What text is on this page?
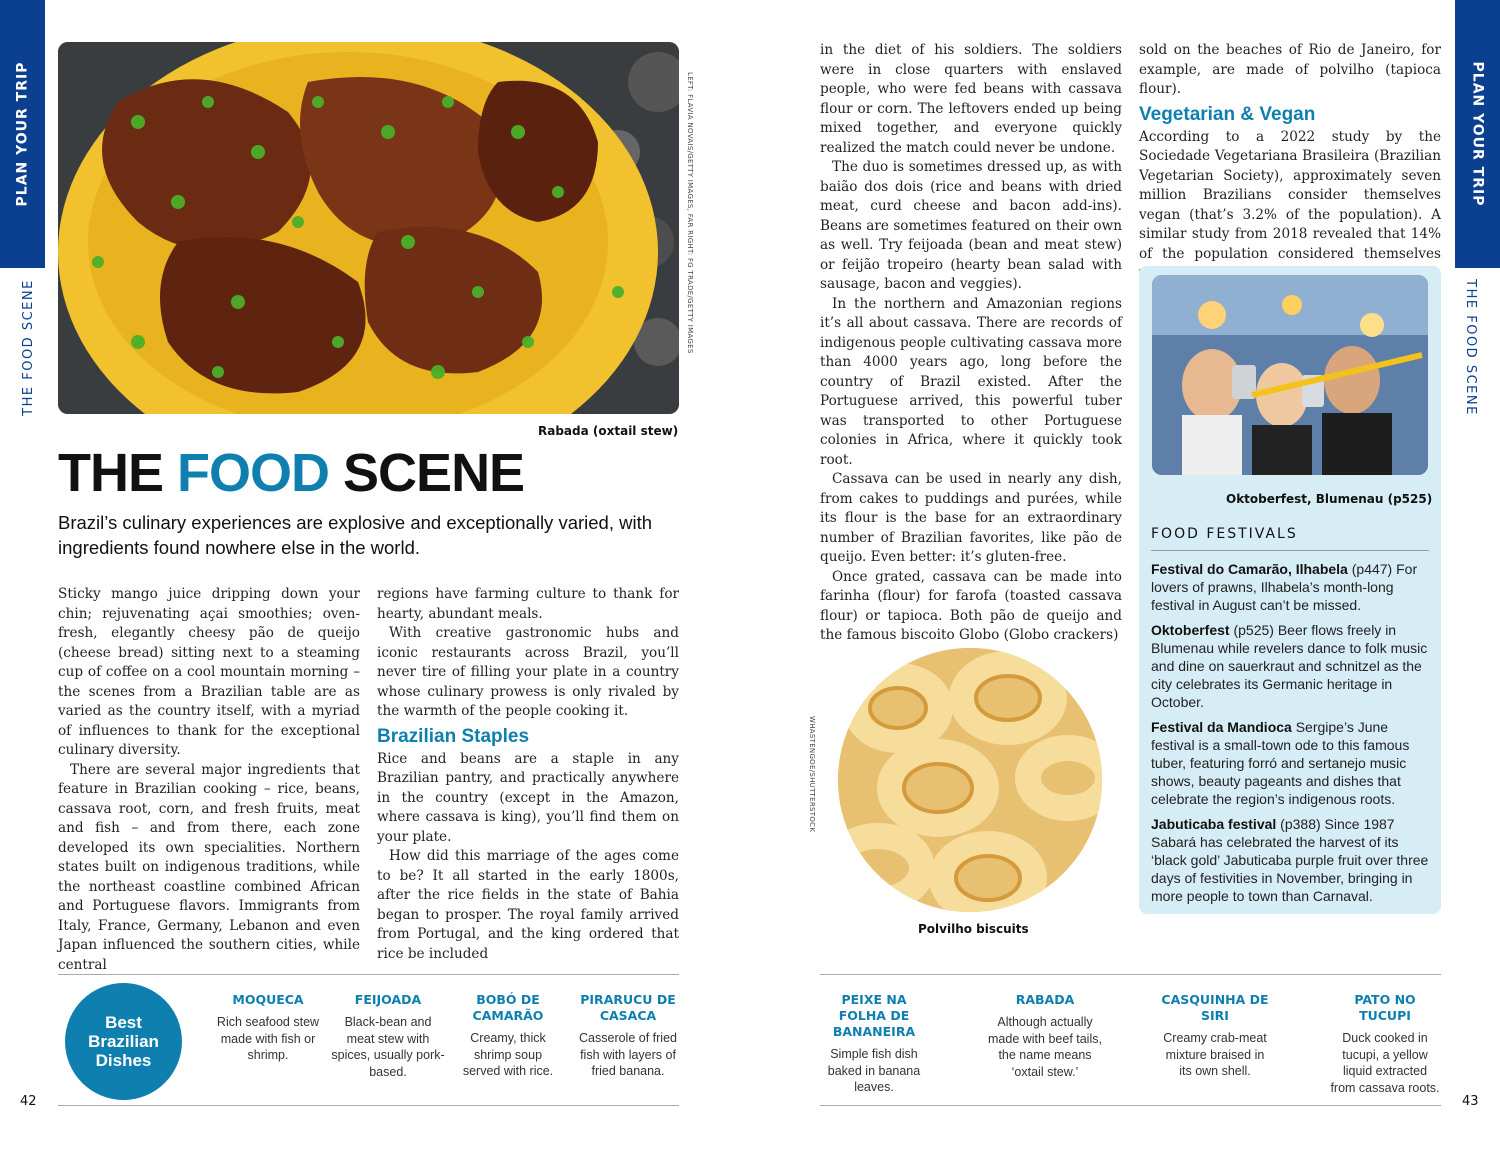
PLAN YOUR TRIP
THE FOOD SCENE	LEFT: FLAVIA NOVAIS/GETTY IMAGES, FAR RIGHT: FG TRADE/GETTY IMAGES
Rabada (oxtail stew)
THE FOOD SCENE
Brazil’s culinary experiences are explosive and exceptionally varied, with ingredients found nowhere else in the world.

Sticky mango juice dripping down your chin; rejuvenating açai smoothies; oven-fresh, elegantly cheesy pão de queijo (cheese bread) sitting next to a steaming cup of coffee on a cool mountain morning – the scenes from a Brazilian table are as varied as the country itself, with a myriad of influences to thank for the exceptional culinary diversity.

There are several major ingredients that feature in Brazilian cooking – rice, beans, cassava root, corn, and fresh fruits, meat and fish – and from there, each zone developed its own specialities. Northern states built on indigenous traditions, while the northeast coastline combined African and Portuguese flavors. Immigrants from Italy, France, Germany, Lebanon and even Japan influenced the southern cities, while central

regions have farming culture to thank for hearty, abundant meals.

With creative gastronomic hubs and iconic restaurants across Brazil, you’ll never tire of filling your plate in a country whose culinary prowess is only rivaled by the warmth of the people cooking it.

Brazilian Staples

Rice and beans are a staple in any Brazilian pantry, and practically anywhere in the country (except in the Amazon, where cassava is king), you’ll find them on your plate.

How did this marriage of the ages come to be? It all started in the early 1800s, after the rice fields in the state of Bahia began to prosper. The royal family arrived from Portugal, and the king ordered that rice be included

in the diet of his soldiers. The soldiers were in close quarters with enslaved people, who were fed beans with cassava flour or corn. The leftovers ended up being mixed together, and everyone quickly realized the match could never be undone.

The duo is sometimes dressed up, as with baião dos dois (rice and beans with dried meat, curd cheese and bacon add-ins). Beans are sometimes featured on their own as well. Try feijoada (bean and meat stew) or feijão tropeiro (hearty bean salad with sausage, bacon and veggies).

In the northern and Amazonian regions it’s all about cassava. There are records of indigenous people cultivating cassava more than 4000 years ago, long before the country of Brazil existed. After the Portuguese arrived, this powerful tuber was transported to other Portuguese colonies in Africa, where it quickly took root.

Cassava can be used in nearly any dish, from cakes to puddings and purées, while its flour is the base for an extraordinary number of Brazilian favorites, like pão de queijo. Even better: it’s gluten-free.

Once grated, cassava can be made into farinha (flour) for farofa (toasted cassava flour) or tapioca. Both pão de queijo and the famous biscoito Globo (Globo crackers)

sold on the beaches of Rio de Janeiro, for example, are made of polvilho (tapioca flour).

Vegetarian & Vegan

According to a 2022 study by the Sociedade Vegetariana Brasileira (Brazilian Vegetarian Society), approximately seven million Brazilians consider themselves vegan (that’s 3.2% of the population). A similar study from 2018 revealed that 14% of the population considered themselves

Oktoberfest, Blumenau (p525)
FOOD FESTIVALS
Festival do Camarão, Ilhabela (p447) For lovers of prawns, Ilhabela’s month-long festival in August can’t be missed.
Oktoberfest (p525) Beer flows freely in Blumenau while revelers dance to folk music and dine on sauerkraut and schnitzel as the city celebrates its Germanic heritage in October.
Festival da Mandioca Sergipe’s June festival is a small-town ode to this famous tuber, featuring forró and sertanejo music shows, beauty pageants and dishes that celebrate the region’s indigenous roots.
Jabuticaba festival (p388) Since 1987 Sabará has celebrated the harvest of its ‘black gold’ Jabuticaba purple fruit over three days of festivities in November, bringing in more people to town than Carnaval.
WHASTENGOE/SHUTTERSTOCK
Polvilho biscuits
Best Brazilian Dishes
MOQUECA
Rich seafood stew made with fish or shrimp.
FEIJOADA
Black-bean and meat stew with spices, usually pork-based.
BOBÓ DE CAMARÃO
Creamy, thick shrimp soup served with rice.
PIRARUCU DE CASACA
Casserole of fried fish with layers of fried banana.
PEIXE NA FOLHA DE BANANEIRA
Simple fish dish baked in banana leaves.
RABADA
Although actually made with beef tails, the name means ‘oxtail stew.’
CASQUINHA DE SIRI
Creamy crab-meat mixture braised in its own shell.
PATO NO TUCUPI
Duck cooked in tucupi, a yellow liquid extracted from cassava roots.
42	43
PLAN YOUR TRIP
THE FOOD SCENE
